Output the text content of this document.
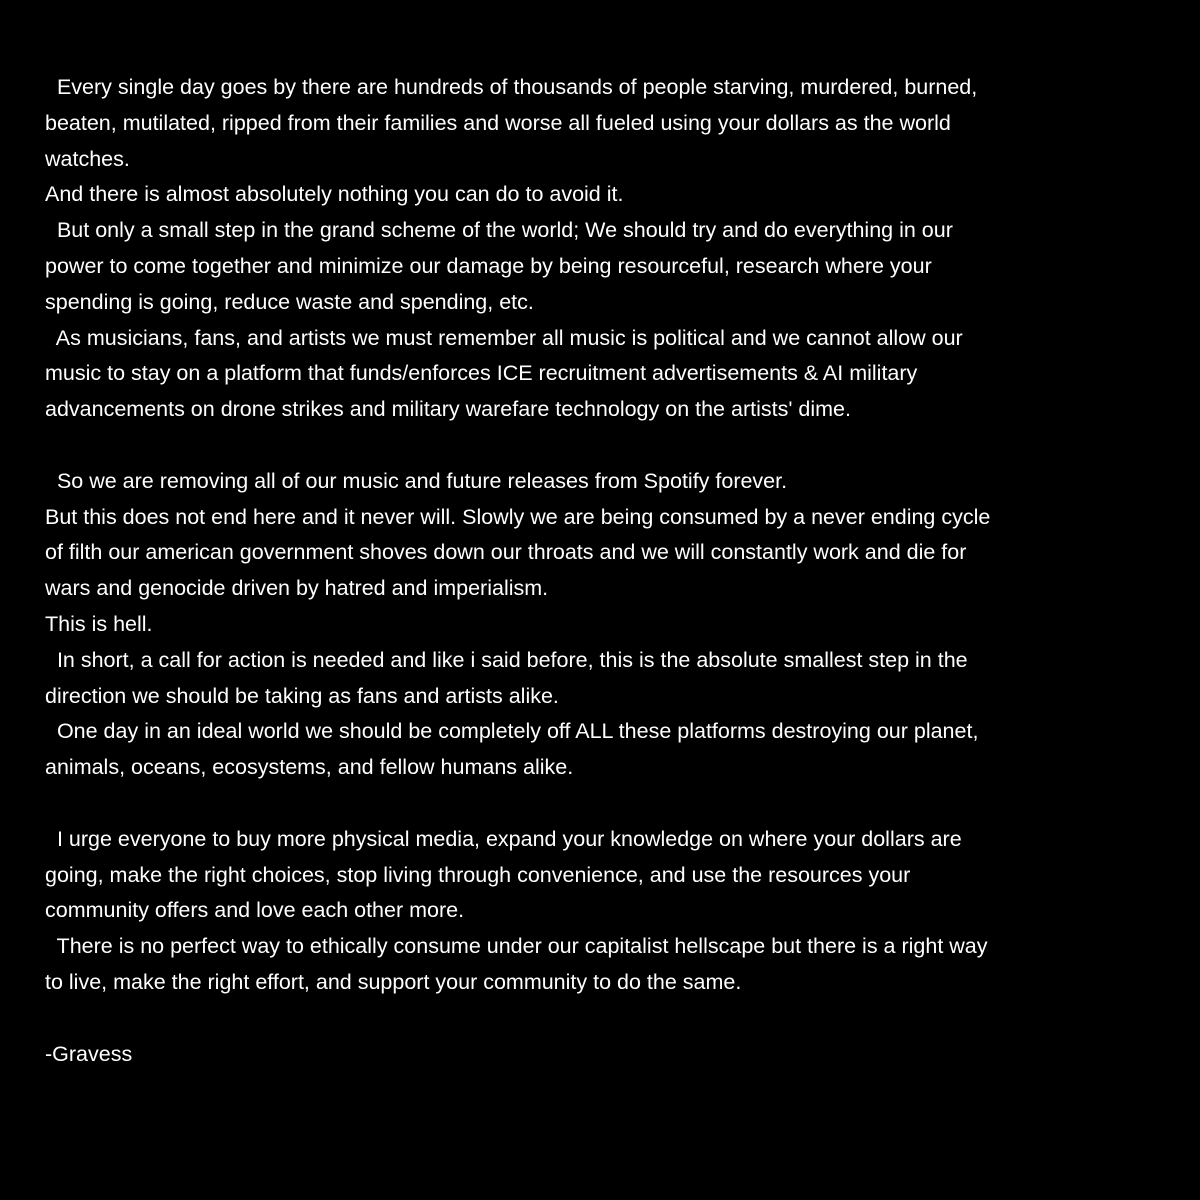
Every single day goes by there are hundreds of thousands of people starving, murdered, burned,
beaten, mutilated, ripped from their families and worse all fueled using your dollars as the world
watches.
And there is almost absolutely nothing you can do to avoid it.
But only a small step in the grand scheme of the world; We should try and do everything in our
power to come together and minimize our damage by being resourceful, research where your
spending is going, reduce waste and spending, etc.
As musicians, fans, and artists we must remember all music is political and we cannot allow our
music to stay on a platform that funds/enforces ICE recruitment advertisements & AI military
advancements on drone strikes and military warefare technology on the artists' dime.
So we are removing all of our music and future releases from Spotify forever.
But this does not end here and it never will. Slowly we are being consumed by a never ending cycle
of filth our american government shoves down our throats and we will constantly work and die for
wars and genocide driven by hatred and imperialism.
This is hell.
In short, a call for action is needed and like i said before, this is the absolute smallest step in the
direction we should be taking as fans and artists alike.
One day in an ideal world we should be completely off ALL these platforms destroying our planet,
animals, oceans, ecosystems, and fellow humans alike.
I urge everyone to buy more physical media, expand your knowledge on where your dollars are
going, make the right choices, stop living through convenience, and use the resources your
community offers and love each other more.
There is no perfect way to ethically consume under our capitalist hellscape but there is a right way
to live, make the right effort, and support your community to do the same.
-Gravess
